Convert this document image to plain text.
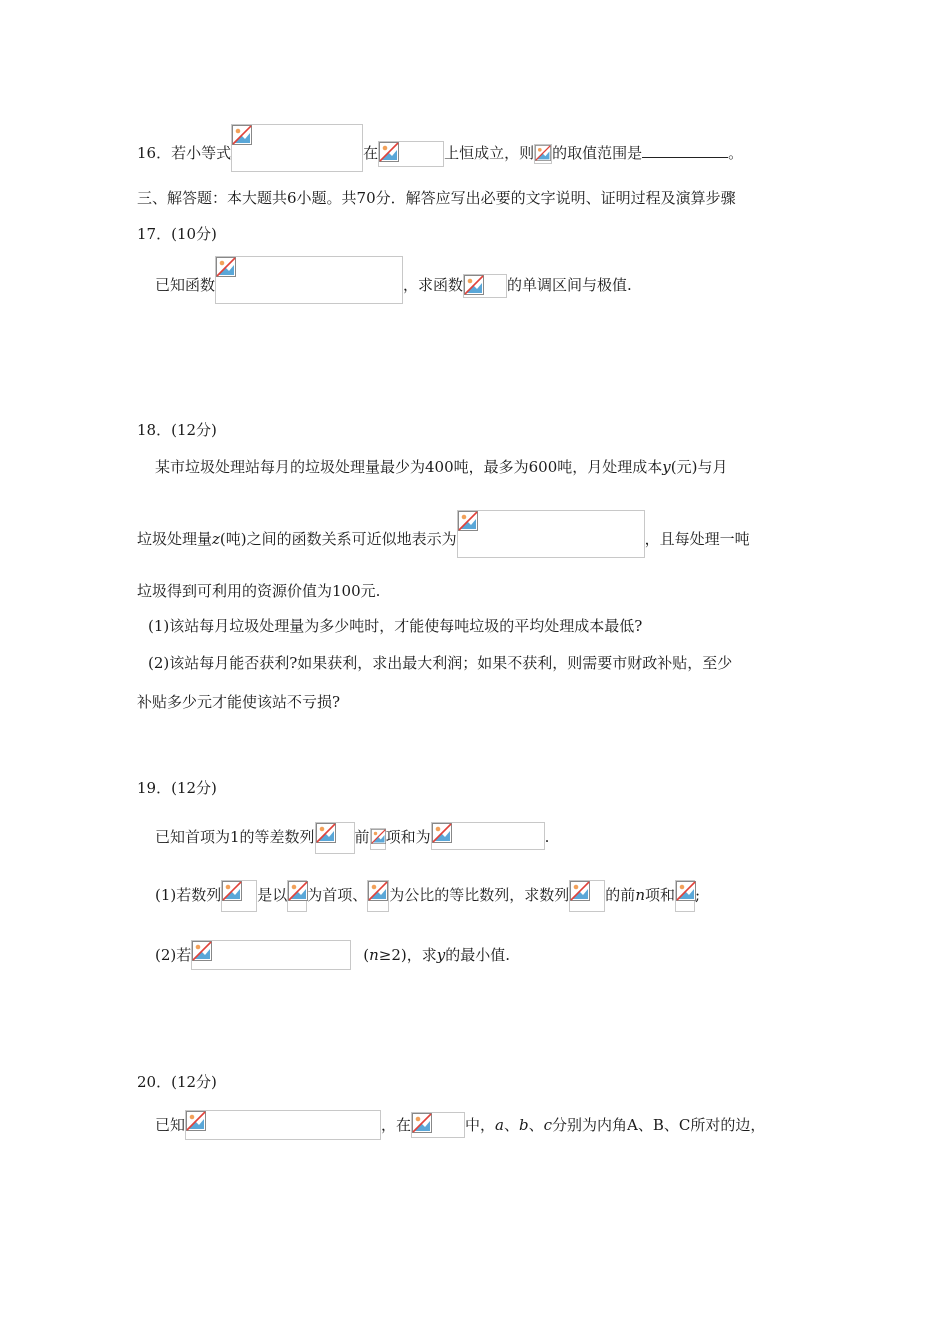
16．若小等式	在	上恒成立，则 的取值范围是	。
三、解答题：本大题共6小题。共70分．解答应写出必要的文字说明、证明过程及演算步骤
17．(10分)
已知函数	，求函数	的单调区间与极值.
18．(12分)
某市垃圾处理站每月的垃圾处理量最少为400吨，最多为600吨，月处理成本y(元)与月
垃圾处理量z(吨)之间的函数关系可近似地表示为	，且每处理一吨
垃圾得到可利用的资源价值为100元.
(1)该站每月垃圾处理量为多少吨时，才能使每吨垃圾的平均处理成本最低?
(2)该站每月能否获利?如果获利，求出最大利润；如果不获利，则需要市财政补贴，至少
补贴多少元才能使该站不亏损?
19．(12分)
已知首项为1的等差数列	前 项和为	.
(1)若数列 是以 为首项、 为公比的等比数列，求数列 的前n项和 ;
(2)若	(n≥2)，求y的最小值.
20．(12分)
已知	，在	中，a、b、c分别为内角A、B、C所对的边，
